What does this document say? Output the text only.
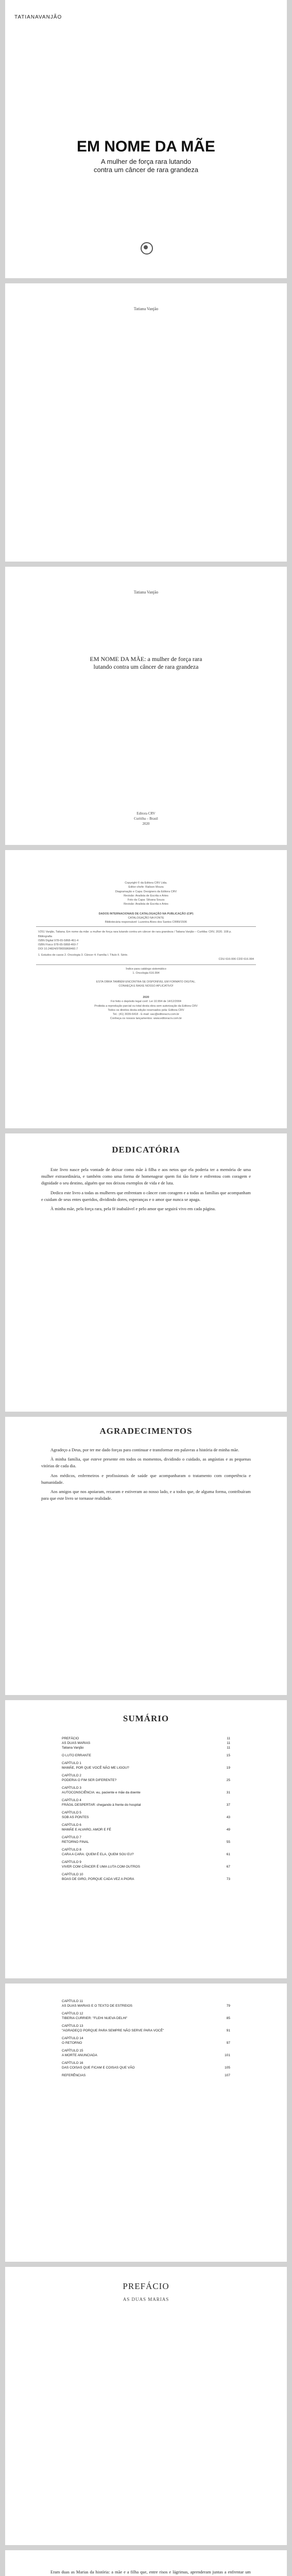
TATIANAVANJÃO
EM NOME DA MÃE
A mulher de força rara lutando
contra um câncer de rara grandeza
Tatiana Vanjão
Tatiana Vanjão
EM NOME DA MÃE: a mulher de força rara
lutando contra um câncer de rara grandeza
Editora CRV
Curitiba – Brasil
2020
Copyright © da Editora CRV Ltda.
Editor-chefe: Railson Moura
Diagramação e Capa: Designers da Editora CRV
Revisão: Analista de Escrita e Artes
Foto da Capa: Silvana Souza
Revisão: Analista de Escrita e Artes
DADOS INTERNACIONAIS DE CATALOGAÇÃO NA PUBLICAÇÃO (CIP)
CATALOGAÇÃO NA FONTE
Bibliotecária responsável: Luzenira Alves dos Santos CRB9/1506
V251 Vanjão, Tatiana. Em nome da mãe: a mulher de força rara lutando contra um câncer de rara grandeza / Tatiana Vanjão – Curitiba: CRV, 2020. 108 p.
Bibliografia
ISBN Digital 978-65-5868-461-4
ISBN Físico 978-65-5868-460-7
DOI 10.24824/978655868460.7
1. Estudos de casos 2. Oncologia 3. Câncer 4. Família I. Título II. Série.
CDU 616-006 CDD 616.994
Índice para catálogo sistemático
1. Oncologia 616.994
ESTA OBRA TAMBÉM ENCONTRA-SE DISPONÍVEL EM FORMATO DIGITAL.
CONHEÇA E BAIXE NOSSO APLICATIVO!
2020
Foi feito o depósito legal conf. Lei 10.994 de 14/12/2004
Proibida a reprodução parcial ou total desta obra sem autorização da Editora CRV
Todos os direitos desta edição reservados pela: Editora CRV
Tel.: (41) 3039-6418 - E-mail: sac@editoracrv.com.br
Conheça os nossos lançamentos: www.editoracrv.com.br
DEDICATÓRIA

Este livro nasce pela vontade de deixar como mãe à filha e aos netos que ela poderia ter a memória de uma mulher extraordinária, e também como uma forma de homenagear quem foi tão forte e enfrentou com coragem e dignidade o seu destino, alguém que nos deixou exemplos de vida e de luta.

Dedico este livro a todas as mulheres que enfrentam o câncer com coragem e a todas as famílias que acompanham e cuidam de seus entes queridos, dividindo dores, esperanças e o amor que nunca se apaga.

À minha mãe, pela força rara, pela fé inabalável e pelo amor que seguirá vivo em cada página.

AGRADECIMENTOS

Agradeço a Deus, por ter me dado forças para continuar e transformar em palavras a história de minha mãe.

À minha família, que esteve presente em todos os momentos, dividindo o cuidado, as angústias e as pequenas vitórias de cada dia.

Aos médicos, enfermeiros e profissionais de saúde que acompanharam o tratamento com competência e humanidade.

Aos amigos que nos apoiaram, rezaram e estiveram ao nosso lado, e a todos que, de alguma forma, contribuíram para que este livro se tornasse realidade.

SUMÁRIO
PREFÁCIO	11
AS DUAS MARIAS	11
Tatiana Vanjão	11
O LUTO ERRANTE	15
CAPÍTULO 1
MAMÃE, POR QUE VOCÊ NÃO ME LIGOU?	19
CAPÍTULO 2
PODERIA O FIM SER DIFERENTE?	25
CAPÍTULO 3
AUTOCONSCIÊNCIA: eu, paciente e mãe da doente	31
CAPÍTULO 4
FRÁGIL DESPERTAR: chegando à frente do hospital	37
CAPÍTULO 5
SOB AS PONTES	43
CAPÍTULO 6
MAMÃE E ALVARO, AMOR E FÉ	49
CAPÍTULO 7
RETORNO FINAL	55
CAPÍTULO 8
CARA A CARA: QUEM É ELA, QUEM SOU EU?	61
CAPÍTULO 9
VIVER COM CÂNCER É UMA LUTA COM OUTROS	67
CAPÍTULO 10
BOAS DE GIRO, PORQUE CADA VEZ A PIORA	73
CAPÍTULO 11
AS DUAS MARIAS E O TEXTO DE ESTREIOS	79
CAPÍTULO 12
TIBERIA CURRIER: "FLEHI NUEVA DELHI"	85
CAPÍTULO 13
"AGRADEÇO PORQUE PARA SEMPRE NÃO SERVE PARA VOCÊ"	91
CAPÍTULO 14
O RETORNO	97
CAPÍTULO 15
A MORTE ANUNCIADA	101
CAPÍTULO 16
DAS COISAS QUE FICAM E COISAS QUE VÃO	105
REFERÊNCIAS	107
PREFÁCIO
AS DUAS MARIAS

Eram duas as Marias da história: a mãe e a filha que, entre risos e lágrimas, aprenderam juntas a enfrentar um
